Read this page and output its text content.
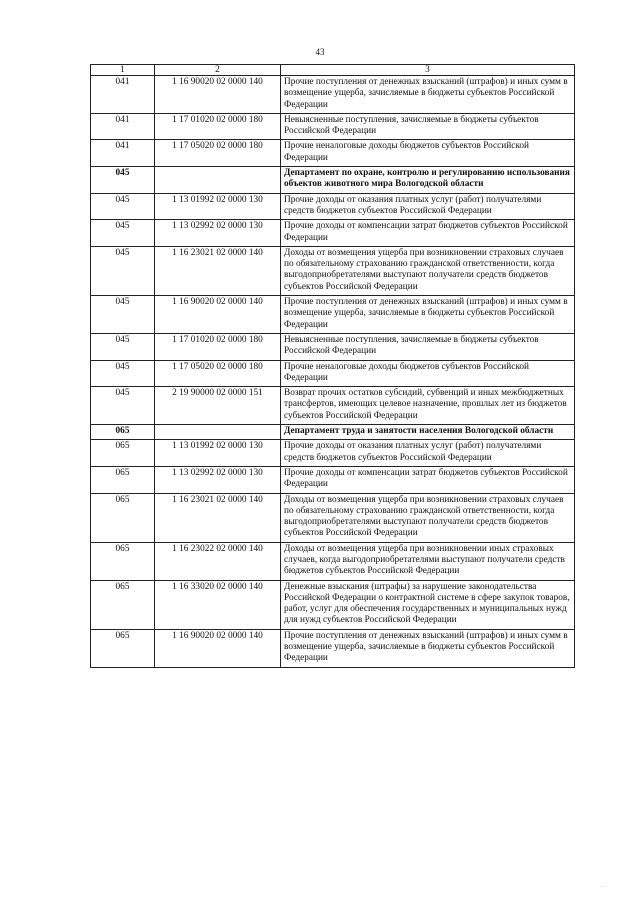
43
1	2	3
041	1 16 90020 02 0000 140	Прочие поступления от денежных взысканий (штрафов) и иных сумм в возмещение ущерба, зачисляемые в бюджеты субъектов Российской Федерации
041	1 17 01020 02 0000 180	Невыясненные поступления, зачисляемые в бюджеты субъектов Российской Федерации
041	1 17 05020 02 0000 180	Прочие неналоговые доходы бюджетов субъектов Российской Федерации
045		Департамент по охране, контролю и регулированию использования объектов животного мира Вологодской области
045	1 13 01992 02 0000 130	Прочие доходы от оказания платных услуг (работ) получателями средств бюджетов субъектов Российской Федерации
045	1 13 02992 02 0000 130	Прочие доходы от компенсации затрат бюджетов субъектов Российской Федерации
045	1 16 23021 02 0000 140	Доходы от возмещения ущерба при возникновении страховых случаев по обязательному страхованию гражданской ответственности, когда выгодоприобретателями выступают получатели средств бюджетов субъектов Российской Федерации
045	1 16 90020 02 0000 140	Прочие поступления от денежных взысканий (штрафов) и иных сумм в возмещение ущерба, зачисляемые в бюджеты субъектов Российской Федерации
045	1 17 01020 02 0000 180	Невыясненные поступления, зачисляемые в бюджеты субъектов Российской Федерации
045	1 17 05020 02 0000 180	Прочие неналоговые доходы бюджетов субъектов Российской Федерации
045	2 19 90000 02 0000 151	Возврат прочих остатков субсидий, субвенций и иных межбюджетных трансфертов, имеющих целевое назначение, прошлых лет из бюджетов субъектов Российской Федерации
065		Департамент труда и занятости населения Вологодской области
065	1 13 01992 02 0000 130	Прочие доходы от оказания платных услуг (работ) получателями средств бюджетов субъектов Российской Федерации
065	1 13 02992 02 0000 130	Прочие доходы от компенсации затрат бюджетов субъектов Российской Федерации
065	1 16 23021 02 0000 140	Доходы от возмещения ущерба при возникновении страховых случаев по обязательному страхованию гражданской ответственности, когда выгодоприобретателями выступают получатели средств бюджетов субъектов Российской Федерации
065	1 16 23022 02 0000 140	Доходы от возмещения ущерба при возникновении иных страховых случаев, когда выгодоприобретателями выступают получатели средств бюджетов субъектов Российской Федерации
065	1 16 33020 02 0000 140	Денежные взыскания (штрафы) за нарушение законодательства Российской Федерации о контрактной системе в сфере закупок товаров, работ, услуг для обеспечения государственных и муниципальных нужд для нужд субъектов Российской Федерации
065	1 16 90020 02 0000 140	Прочие поступления от денежных взысканий (штрафов) и иных сумм в возмещение ущерба, зачисляемые в бюджеты субъектов Российской Федерации
· ·
